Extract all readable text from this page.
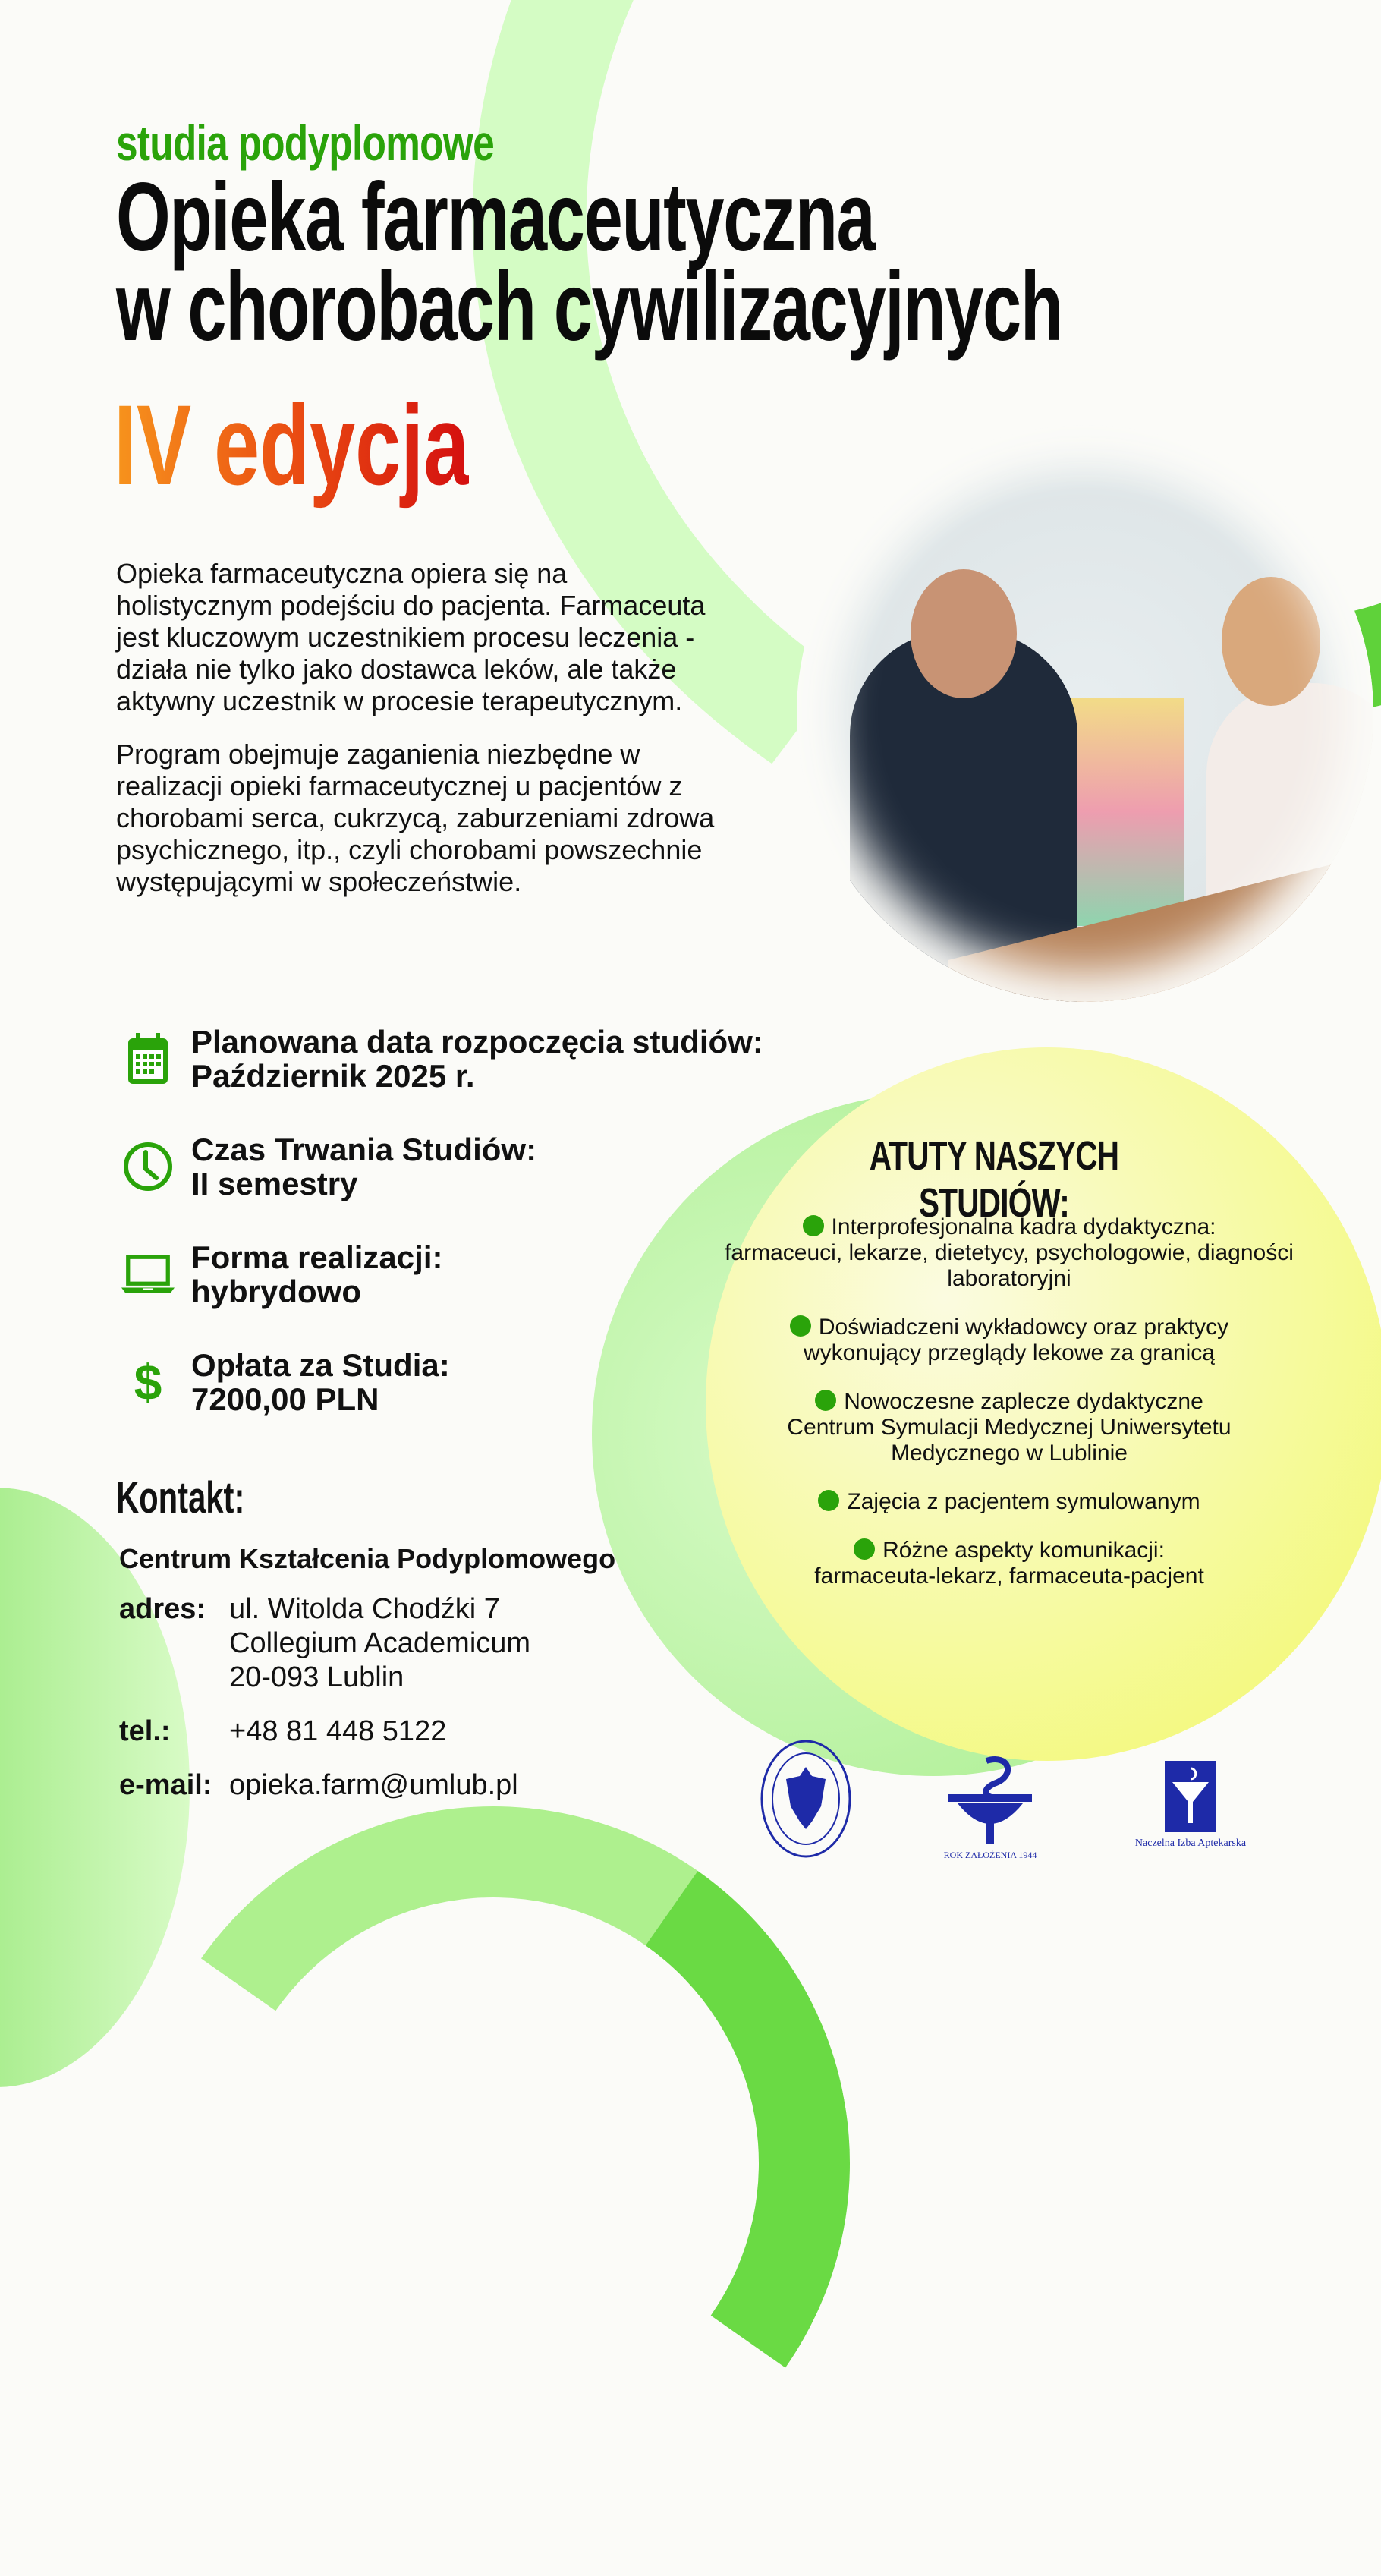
studia podyplomowe
Opieka farmaceutyczna
w chorobach cywilizacyjnych
IV edycja

Opieka farmaceutyczna opiera się na holistycznym podejściu do pacjenta. Farmaceuta jest kluczowym uczestnikiem procesu leczenia - działa nie tylko jako dostawca leków, ale także aktywny uczestnik w procesie terapeutycznym.

Program obejmuje zaganienia niezbędne w realizacji opieki farmaceutycznej u pacjentów z chorobami serca, cukrzycą, zaburzeniami zdrowa psychicznego, itp., czyli chorobami powszechnie występującymi w społeczeństwie.

Planowana data rozpoczęcia studiów:
Październik 2025 r.
Czas Trwania Studiów:
II semestry
Forma realizacji:
hybrydowo
$ Opłata za Studia:
7200,00 PLN
ATUTY NASZYCH STUDIÓW:
Interprofesjonalna kadra dydaktyczna:
farmaceuci, lekarze, dietetycy, psychologowie, diagności laboratoryjni
Doświadczeni wykładowcy oraz praktycy
wykonujący przeglądy lekowe za granicą
Nowoczesne zaplecze dydaktyczne
Centrum Symulacji Medycznej Uniwersytetu Medycznego w Lublinie
Zajęcia z pacjentem symulowanym
Różne aspekty komunikacji:
farmaceuta-lekarz, farmaceuta-pacjent
Kontakt:
Centrum Kształcenia Podyplomowego
adres: ul. Witolda Chodźki 7
Collegium Academicum
20-093 Lublin
tel.:	+48 81 448 5122
e-mail: opieka.farm@umlub.pl
ROK ZAŁOŻENIA 1944
Naczelna Izba Aptekarska
